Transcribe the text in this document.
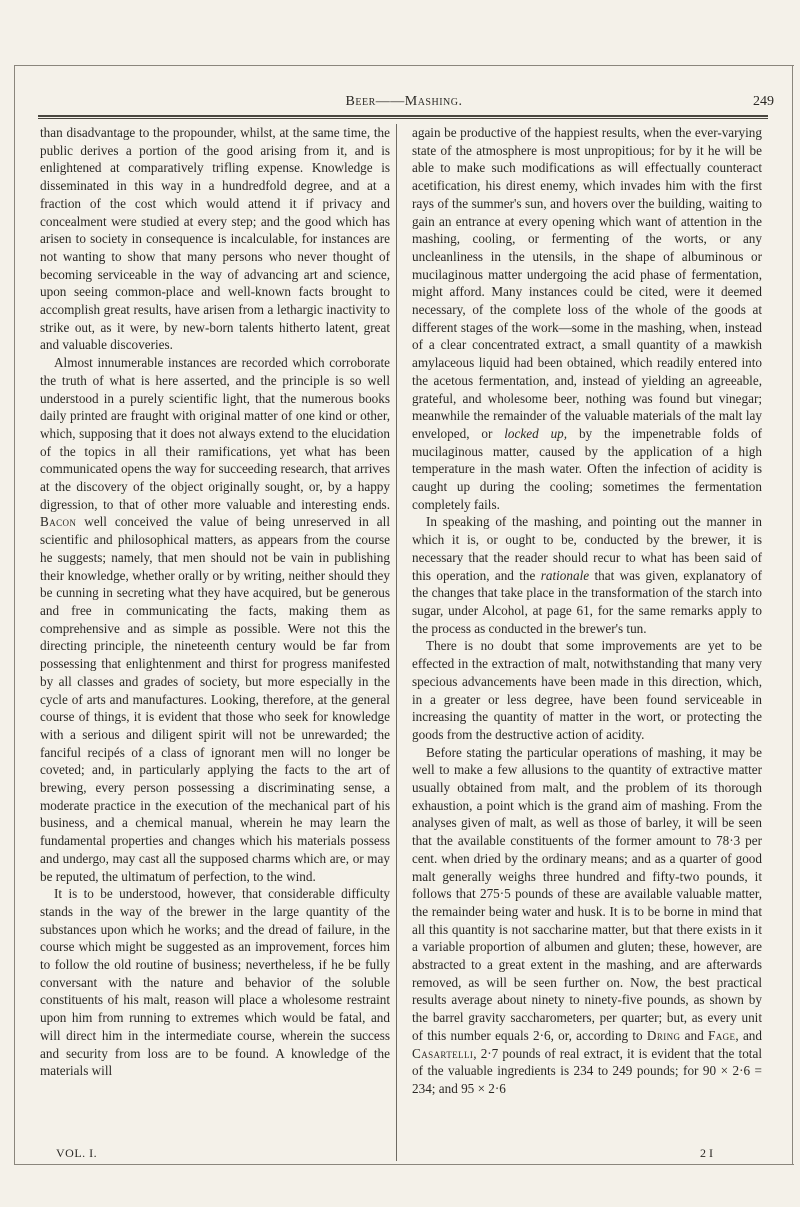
Beer——Mashing.	249

than disadvantage to the propounder, whilst, at the same time, the public derives a portion of the good arising from it, and is enlightened at comparatively trifling expense. Knowledge is disseminated in this way in a hundredfold degree, and at a fraction of the cost which would attend it if privacy and concealment were studied at every step; and the good which has arisen to society in consequence is incalculable, for instances are not wanting to show that many persons who never thought of becoming serviceable in the way of advancing art and science, upon seeing common-place and well-known facts brought to accomplish great results, have arisen from a lethargic inactivity to strike out, as it were, by new-born talents hitherto latent, great and valuable discoveries.

Almost innumerable instances are recorded which corroborate the truth of what is here asserted, and the principle is so well understood in a purely scientific light, that the numerous books daily printed are fraught with original matter of one kind or other, which, supposing that it does not always extend to the elucidation of the topics in all their ramifications, yet what has been communicated opens the way for succeeding research, that arrives at the discovery of the object originally sought, or, by a happy digression, to that of other more valuable and interesting ends. Bacon well conceived the value of being unreserved in all scientific and philosophical matters, as appears from the course he suggests; namely, that men should not be vain in publishing their knowledge, whether orally or by writing, neither should they be cunning in secreting what they have acquired, but be generous and free in communicating the facts, making them as comprehensive and as simple as possible. Were not this the directing principle, the nineteenth century would be far from possessing that enlightenment and thirst for progress manifested by all classes and grades of society, but more especially in the cycle of arts and manufactures. Looking, therefore, at the general course of things, it is evident that those who seek for knowledge with a serious and diligent spirit will not be unrewarded; the fanciful recipés of a class of ignorant men will no longer be coveted; and, in particularly applying the facts to the art of brewing, every person possessing a discriminating sense, a moderate practice in the execution of the mechanical part of his business, and a chemical manual, wherein he may learn the fundamental properties and changes which his materials possess and undergo, may cast all the supposed charms which are, or may be reputed, the ultimatum of perfection, to the wind.

It is to be understood, however, that considerable difficulty stands in the way of the brewer in the large quantity of the substances upon which he works; and the dread of failure, in the course which might be suggested as an improvement, forces him to follow the old routine of business; nevertheless, if he be fully conversant with the nature and behavior of the soluble constituents of his malt, reason will place a wholesome restraint upon him from running to extremes which would be fatal, and will direct him in the intermediate course, wherein the success and security from loss are to be found. A knowledge of the materials will

again be productive of the happiest results, when the ever-varying state of the atmosphere is most unpropitious; for by it he will be able to make such modifications as will effectually counteract acetification, his direst enemy, which invades him with the first rays of the summer's sun, and hovers over the building, waiting to gain an entrance at every opening which want of attention in the mashing, cooling, or fermenting of the worts, or any uncleanliness in the utensils, in the shape of albuminous or mucilaginous matter undergoing the acid phase of fermentation, might afford. Many instances could be cited, were it deemed necessary, of the complete loss of the whole of the goods at different stages of the work—some in the mashing, when, instead of a clear concentrated extract, a small quantity of a mawkish amylaceous liquid had been obtained, which readily entered into the acetous fermentation, and, instead of yielding an agreeable, grateful, and wholesome beer, nothing was found but vinegar; meanwhile the remainder of the valuable materials of the malt lay enveloped, or locked up, by the impenetrable folds of mucilaginous matter, caused by the application of a high temperature in the mash water. Often the infection of acidity is caught up during the cooling; sometimes the fermentation completely fails.

In speaking of the mashing, and pointing out the manner in which it is, or ought to be, conducted by the brewer, it is necessary that the reader should recur to what has been said of this operation, and the rationale that was given, explanatory of the changes that take place in the transformation of the starch into sugar, under Alcohol, at page 61, for the same remarks apply to the process as conducted in the brewer's tun.

There is no doubt that some improvements are yet to be effected in the extraction of malt, notwithstanding that many very specious advancements have been made in this direction, which, in a greater or less degree, have been found serviceable in increasing the quantity of matter in the wort, or protecting the goods from the destructive action of acidity.

Before stating the particular operations of mashing, it may be well to make a few allusions to the quantity of extractive matter usually obtained from malt, and the problem of its thorough exhaustion, a point which is the grand aim of mashing. From the analyses given of malt, as well as those of barley, it will be seen that the available constituents of the former amount to 78·3 per cent. when dried by the ordinary means; and as a quarter of good malt generally weighs three hundred and fifty-two pounds, it follows that 275·5 pounds of these are available valuable matter, the remainder being water and husk. It is to be borne in mind that all this quantity is not saccharine matter, but that there exists in it a variable proportion of albumen and gluten; these, however, are abstracted to a great extent in the mashing, and are afterwards removed, as will be seen further on. Now, the best practical results average about ninety to ninety-five pounds, as shown by the barrel gravity saccharometers, per quarter; but, as every unit of this number equals 2·6, or, according to Dring and Fage, and Casartelli, 2·7 pounds of real extract, it is evident that the total of the valuable ingredients is 234 to 249 pounds; for 90 × 2·6 = 234; and 95 × 2·6

VOL. I.	2 I
